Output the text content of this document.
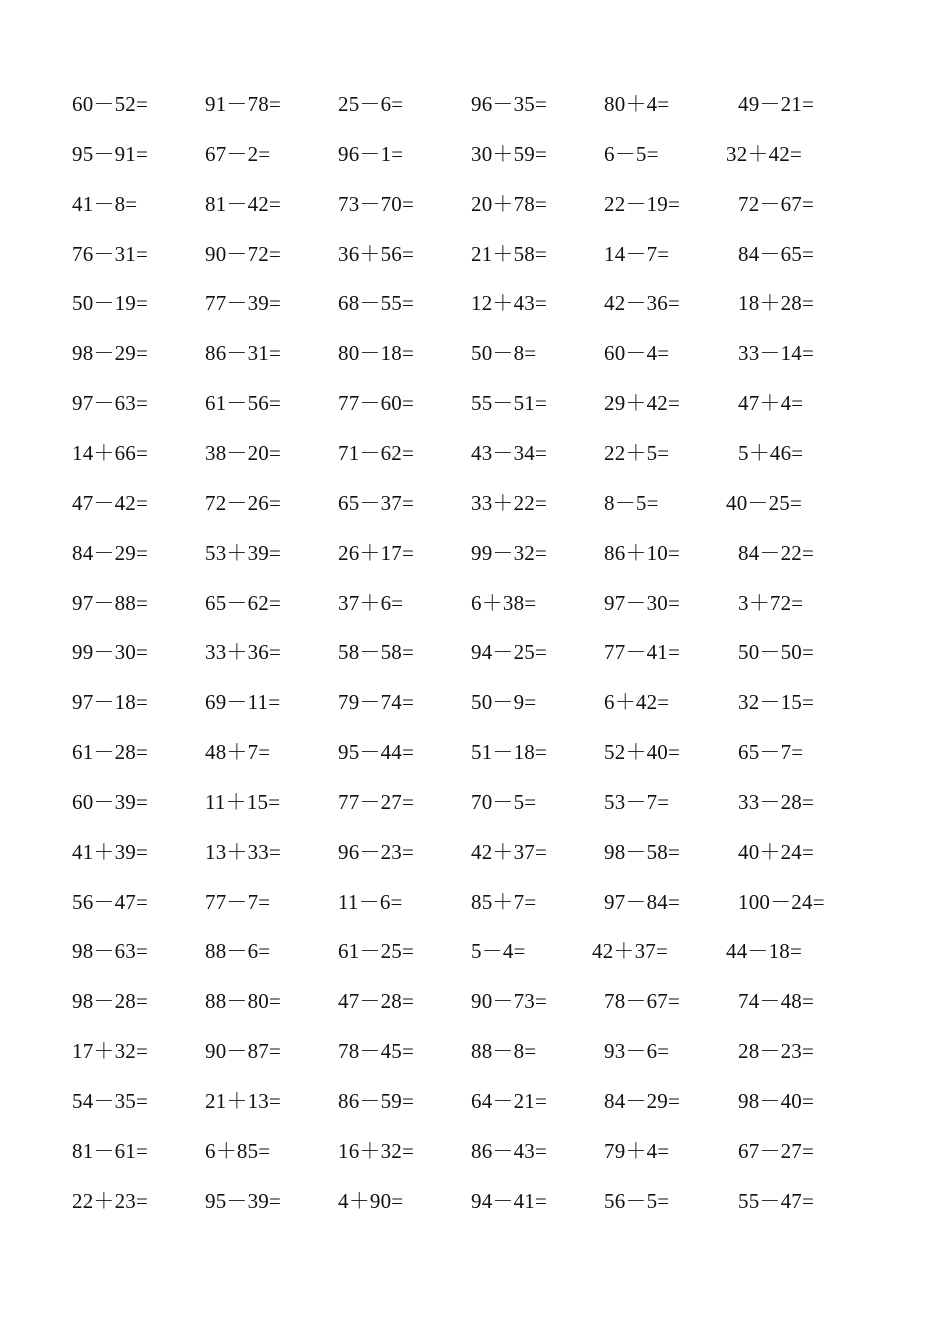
60－52=	91－78=	25－6=	96－35=	80＋4=	49－21=
95－91=	67－2=	96－1=	30＋59=	6－5=	32＋42=
41－8=	81－42=	73－70=	20＋78=	22－19=	72－67=
76－31=	90－72=	36＋56=	21＋58=	14－7=	84－65=
50－19=	77－39=	68－55=	12＋43=	42－36=	18＋28=
98－29=	86－31=	80－18=	50－8=	60－4=	33－14=
97－63=	61－56=	77－60=	55－51=	29＋42=	47＋4=
14＋66=	38－20=	71－62=	43－34=	22＋5=	5＋46=
47－42=	72－26=	65－37=	33＋22=	8－5=	40－25=
84－29=	53＋39=	26＋17=	99－32=	86＋10=	84－22=
97－88=	65－62=	37＋6=	6＋38=	97－30=	3＋72=
99－30=	33＋36=	58－58=	94－25=	77－41=	50－50=
97－18=	69－11=	79－74=	50－9=	6＋42=	32－15=
61－28=	48＋7=	95－44=	51－18=	52＋40=	65－7=
60－39=	11＋15=	77－27=	70－5=	53－7=	33－28=
41＋39=	13＋33=	96－23=	42＋37=	98－58=	40＋24=
56－47=	77－7=	11－6=	85＋7=	97－84=	100－24=
98－63=	88－6=	61－25=	5－4=	42＋37=	44－18=
98－28=	88－80=	47－28=	90－73=	78－67=	74－48=
17＋32=	90－87=	78－45=	88－8=	93－6=	28－23=
54－35=	21＋13=	86－59=	64－21=	84－29=	98－40=
81－61=	6＋85=	16＋32=	86－43=	79＋4=	67－27=
22＋23=	95－39=	4＋90=	94－41=	56－5=	55－47=
